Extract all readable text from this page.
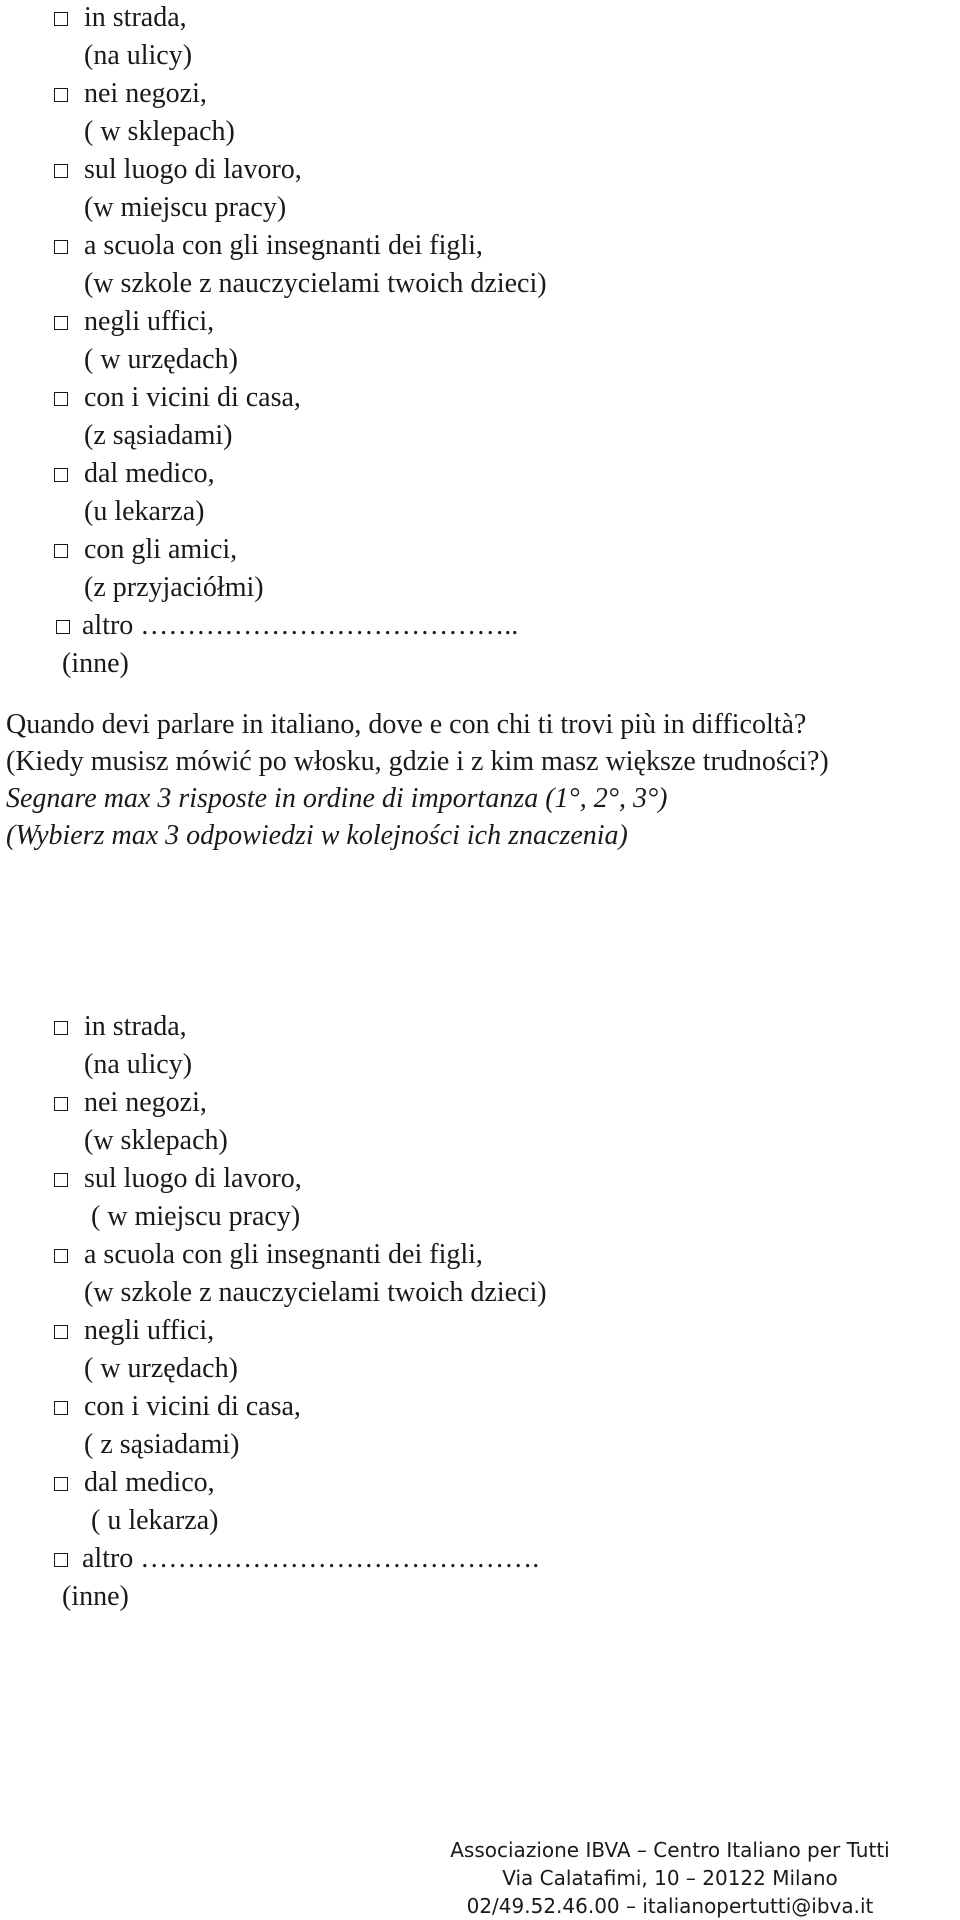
in strada,
(na ulicy)
nei negozi,
( w sklepach)
sul luogo di lavoro,
(w miejscu pracy)
a scuola con gli insegnanti dei figli,
(w szkole z nauczycielami twoich dzieci)
negli uffici,
( w urzędach)
con i vicini di casa,
(z sąsiadami)
dal medico,
(u lekarza)
con gli amici,
(z przyjaciółmi)
altro …………………………………..
(inne)
Quando devi parlare in italiano, dove e con chi ti trovi più in difficoltà?
(Kiedy musisz mówić po włosku, gdzie i z kim masz większe trudności?)
Segnare max 3 risposte in ordine di importanza (1°, 2°, 3°)
(Wybierz max 3 odpowiedzi w kolejności ich znaczenia)
in strada,
(na ulicy)
nei negozi,
(w sklepach)
sul luogo di lavoro,
( w miejscu pracy)
a scuola con gli insegnanti dei figli,
(w szkole z nauczycielami twoich dzieci)
negli uffici,
( w urzędach)
con i vicini di casa,
( z sąsiadami)
dal medico,
( u lekarza)
altro …………………………………….
(inne)
Associazione IBVA – Centro Italiano per Tutti
Via Calatafimi, 10 – 20122 Milano
02/49.52.46.00 – italianopertutti@ibva.it
